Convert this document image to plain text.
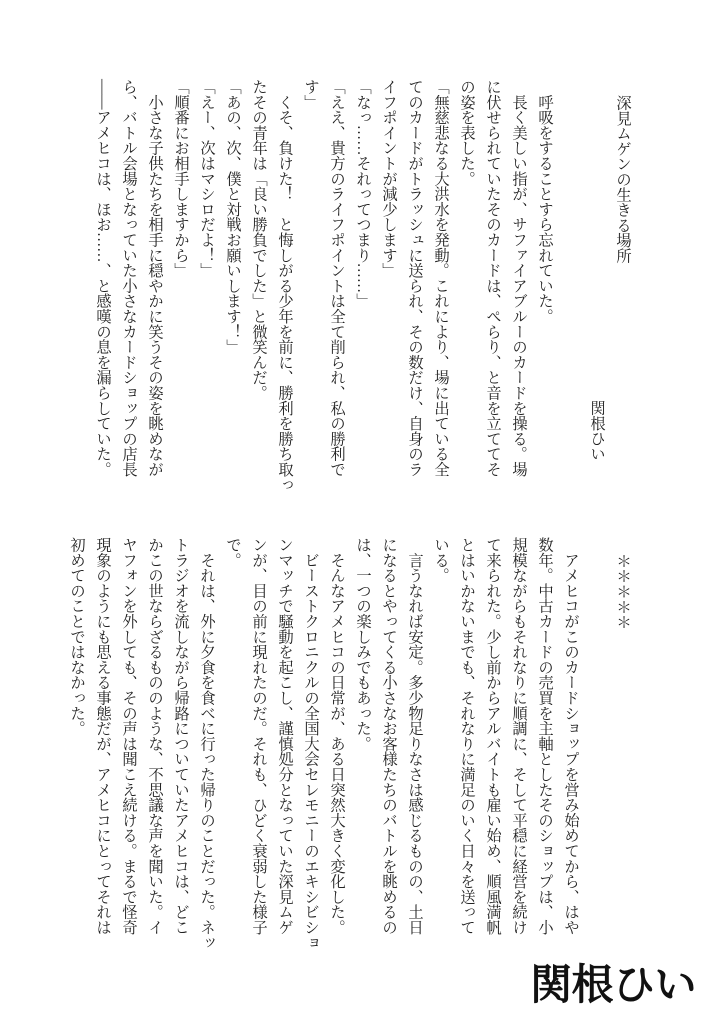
深見ムゲンの生きる場所
関根ひい
　呼吸をすることすら忘れていた。
　長く美しい指が、サファイアブルーのカードを操る。場
に伏せられていたそのカードは、ぺらり、と音を立ててそ
の姿を表した。
「無慈悲なる大洪水を発動。これにより、場に出ている全
てのカードがトラッシュに送られ、その数だけ、自身のラ
イフポイントが減少します」
「なっ……それってつまり……」
「ええ、貴方のライフポイントは全て削られ、私の勝利で
す」
　くそ、負けた！　と悔しがる少年を前に、勝利を勝ち取っ
たその青年は「良い勝負でした」と微笑んだ。
「あの、次、僕と対戦お願いします！」
「えー、次はマシロだよ！」
「順番にお相手しますから」
　小さな子供たちを相手に穏やかに笑うその姿を眺めなが
ら、バトル会場となっていた小さなカードショップの店長
——アメヒコは、ほお……、と感嘆の息を漏らしていた。
＊＊＊＊＊
　アメヒコがこのカードショップを営み始めてから、はや
数年。中古カードの売買を主軸としたそのショップは、小
規模ながらもそれなりに順調に、そして平穏に経営を続け
て来られた。少し前からアルバイトも雇い始め、順風満帆
とはいかないまでも、それなりに満足のいく日々を送って
いる。
　言うなれば安定。多少物足りなさは感じるものの、土日
になるとやってくる小さなお客様たちのバトルを眺めるの
は、一つの楽しみでもあった。
　そんなアメヒコの日常が、ある日突然大きく変化した。
　ビーストクロニクルの全国大会セレモニーのエキシビショ
ンマッチで騒動を起こし、謹慎処分となっていた深見ムゲ
ンが、目の前に現れたのだ。それも、ひどく衰弱した様子
で。
　それは、外に夕食を食べに行った帰りのことだった。ネッ
トラジオを流しながら帰路についていたアメヒコは、どこ
かこの世ならざるもののような、不思議な声を聞いた。イ
ヤフォンを外しても、その声は聞こえ続ける。まるで怪奇
現象のようにも思える事態だが、アメヒコにとってそれは
初めてのことではなかった。
関根ひい
